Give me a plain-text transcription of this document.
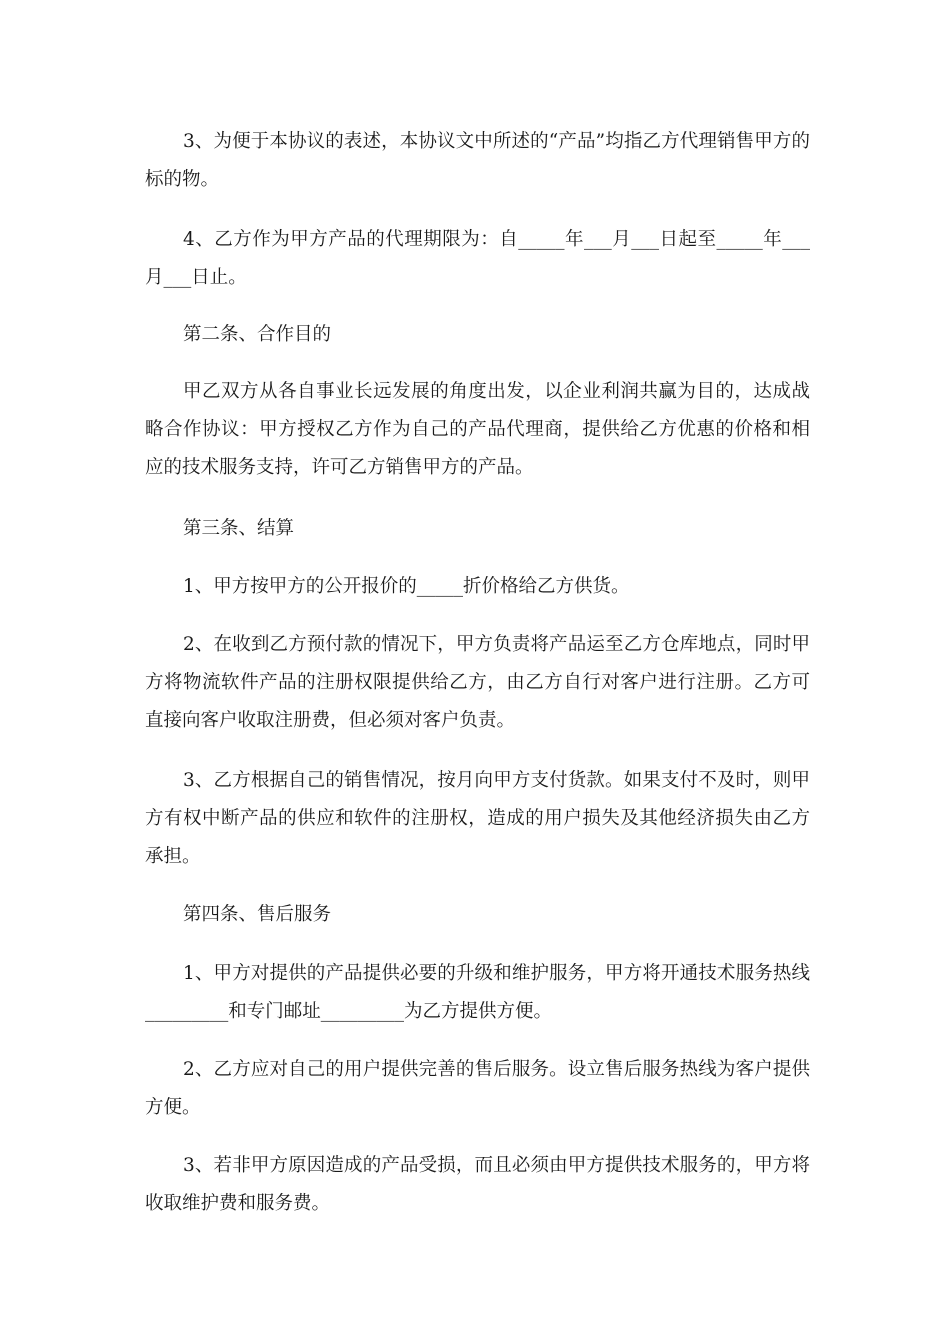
3、为便于本协议的表述，本协议文中所述的“产品”均指乙方代理销售甲方的标的物。

4、乙方作为甲方产品的代理期限为：自_____年___月___日起至_____年___月___日止。

第二条、合作目的

甲乙双方从各自事业长远发展的角度出发，以企业利润共赢为目的，达成战略合作协议：甲方授权乙方作为自己的产品代理商，提供给乙方优惠的价格和相应的技术服务支持，许可乙方销售甲方的产品。

第三条、结算

1、甲方按甲方的公开报价的_____折价格给乙方供货。

2、在收到乙方预付款的情况下，甲方负责将产品运至乙方仓库地点，同时甲方将物流软件产品的注册权限提供给乙方，由乙方自行对客户进行注册。乙方可直接向客户收取注册费，但必须对客户负责。

3、乙方根据自己的销售情况，按月向甲方支付货款。如果支付不及时，则甲方有权中断产品的供应和软件的注册权，造成的用户损失及其他经济损失由乙方承担。

第四条、售后服务

1、甲方对提供的产品提供必要的升级和维护服务，甲方将开通技术服务热线_________和专门邮址_________为乙方提供方便。

2、乙方应对自己的用户提供完善的售后服务。设立售后服务热线为客户提供方便。

3、若非甲方原因造成的产品受损，而且必须由甲方提供技术服务的，甲方将收取维护费和服务费。
